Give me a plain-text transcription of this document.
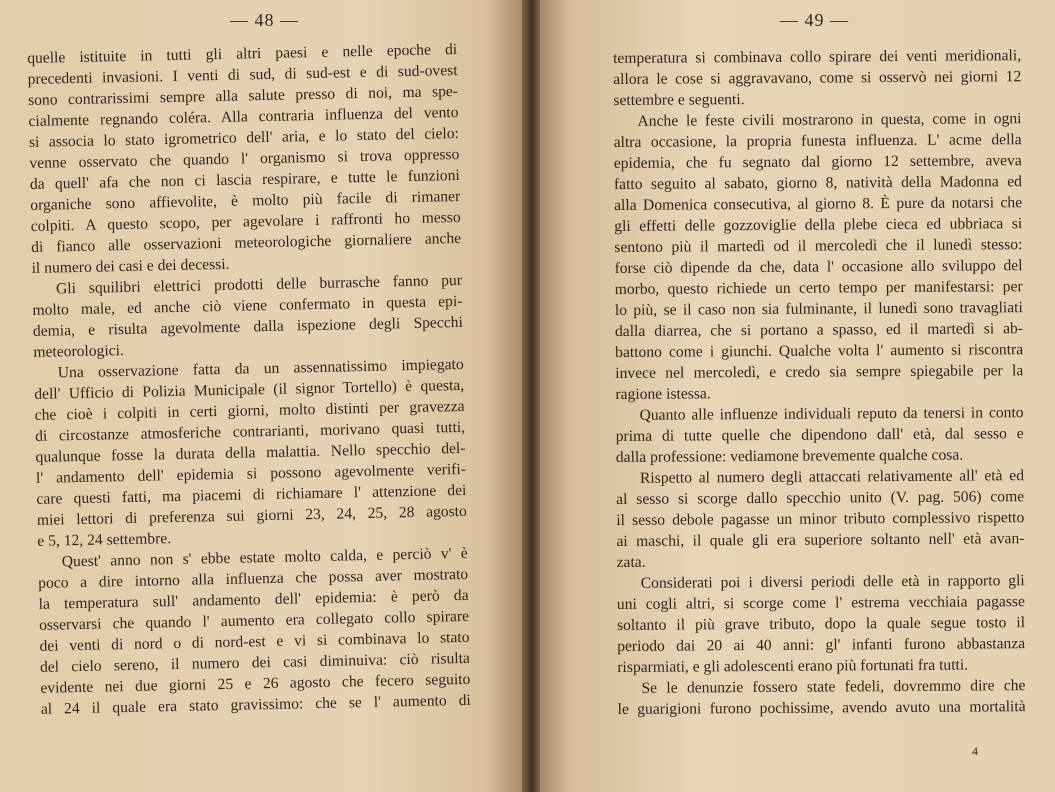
— 48 —
quelle istituite in tutti gli altri paesi e nelle epoche di
precedenti invasioni. I venti di sud, di sud-est e di sud-ovest
sono contrarissimi sempre alla salute presso di noi, ma spe-
cialmente regnando coléra. Alla contraria influenza del vento
si associa lo stato igrometrico dell' aria, e lo stato del cielo:
venne osservato che quando l' organismo si trova oppresso
da quell' afa che non ci lascia respirare, e tutte le funzioni
organiche sono affievolite, è molto più facile di rimaner
colpiti. A questo scopo, per agevolare i raffronti ho messo
di fianco alle osservazioni meteorologiche giornaliere anche
il numero dei casi e dei decessi.
Gli squilibri elettrici prodotti delle burrasche fanno pur
molto male, ed anche ciò viene confermato in questa epi-
demia, e risulta agevolmente dalla ispezione degli Specchi
meteorologici.
Una osservazione fatta da un assennatissimo impiegato
dell' Ufficio di Polizia Municipale (il signor Tortello) è questa,
che cioè i colpiti in certi giorni, molto distinti per gravezza
di circostanze atmosferiche contrarianti, morivano quasi tutti,
qualunque fosse la durata della malattia. Nello specchio del-
l' andamento dell' epidemia si possono agevolmente verifi-
care questi fatti, ma piacemi di richiamare l' attenzione dei
miei lettori di preferenza sui giorni 23, 24, 25, 28 agosto
e 5, 12, 24 settembre.
Quest' anno non s' ebbe estate molto calda, e perciò v' è
poco a dire intorno alla influenza che possa aver mostrato
la temperatura sull' andamento dell' epidemia: è però da
osservarsi che quando l' aumento era collegato collo spirare
dei venti di nord o di nord-est e vi si combinava lo stato
del cielo sereno, il numero dei casi diminuiva: ciò risulta
evidente nei due giorni 25 e 26 agosto che fecero seguito
al 24 il quale era stato gravissimo: che se l' aumento di
— 49 —
temperatura si combinava collo spirare dei venti meridionali,
allora le cose si aggravavano, come si osservò nei giorni 12
settembre e seguenti.
Anche le feste civili mostrarono in questa, come in ogni
altra occasione, la propria funesta influenza. L' acme della
epidemia, che fu segnato dal giorno 12 settembre, aveva
fatto seguito al sabato, giorno 8, natività della Madonna ed
alla Domenica consecutiva, al giorno 8. È pure da notarsi che
gli effetti delle gozzoviglie della plebe cieca ed ubbriaca si
sentono più il martedì od il mercoledì che il lunedì stesso:
forse ciò dipende da che, data l' occasione allo sviluppo del
morbo, questo richiede un certo tempo per manifestarsi: per
lo più, se il caso non sia fulminante, il lunedì sono travagliati
dalla diarrea, che si portano a spasso, ed il martedì si ab-
battono come i giunchi. Qualche volta l' aumento si riscontra
invece nel mercoledì, e credo sia sempre spiegabile per la
ragione istessa.
Quanto alle influenze individuali reputo da tenersi in conto
prima di tutte quelle che dipendono dall' età, dal sesso e
dalla professione: vediamone brevemente qualche cosa.
Rispetto al numero degli attaccati relativamente all' età ed
al sesso si scorge dallo specchio unito (V. pag. 506) come
il sesso debole pagasse un minor tributo complessivo rispetto
ai maschi, il quale gli era superiore soltanto nell' età avan-
zata.
Considerati poi i diversi periodi delle età in rapporto gli
uni cogli altri, si scorge come l' estrema vecchiaia pagasse
soltanto il più grave tributo, dopo la quale segue tosto il
periodo dai 20 ai 40 anni: gl' infanti furono abbastanza
risparmiati, e gli adolescenti erano più fortunati fra tutti.
Se le denunzie fossero state fedeli, dovremmo dire che
le guarigioni furono pochissime, avendo avuto una mortalità
4
